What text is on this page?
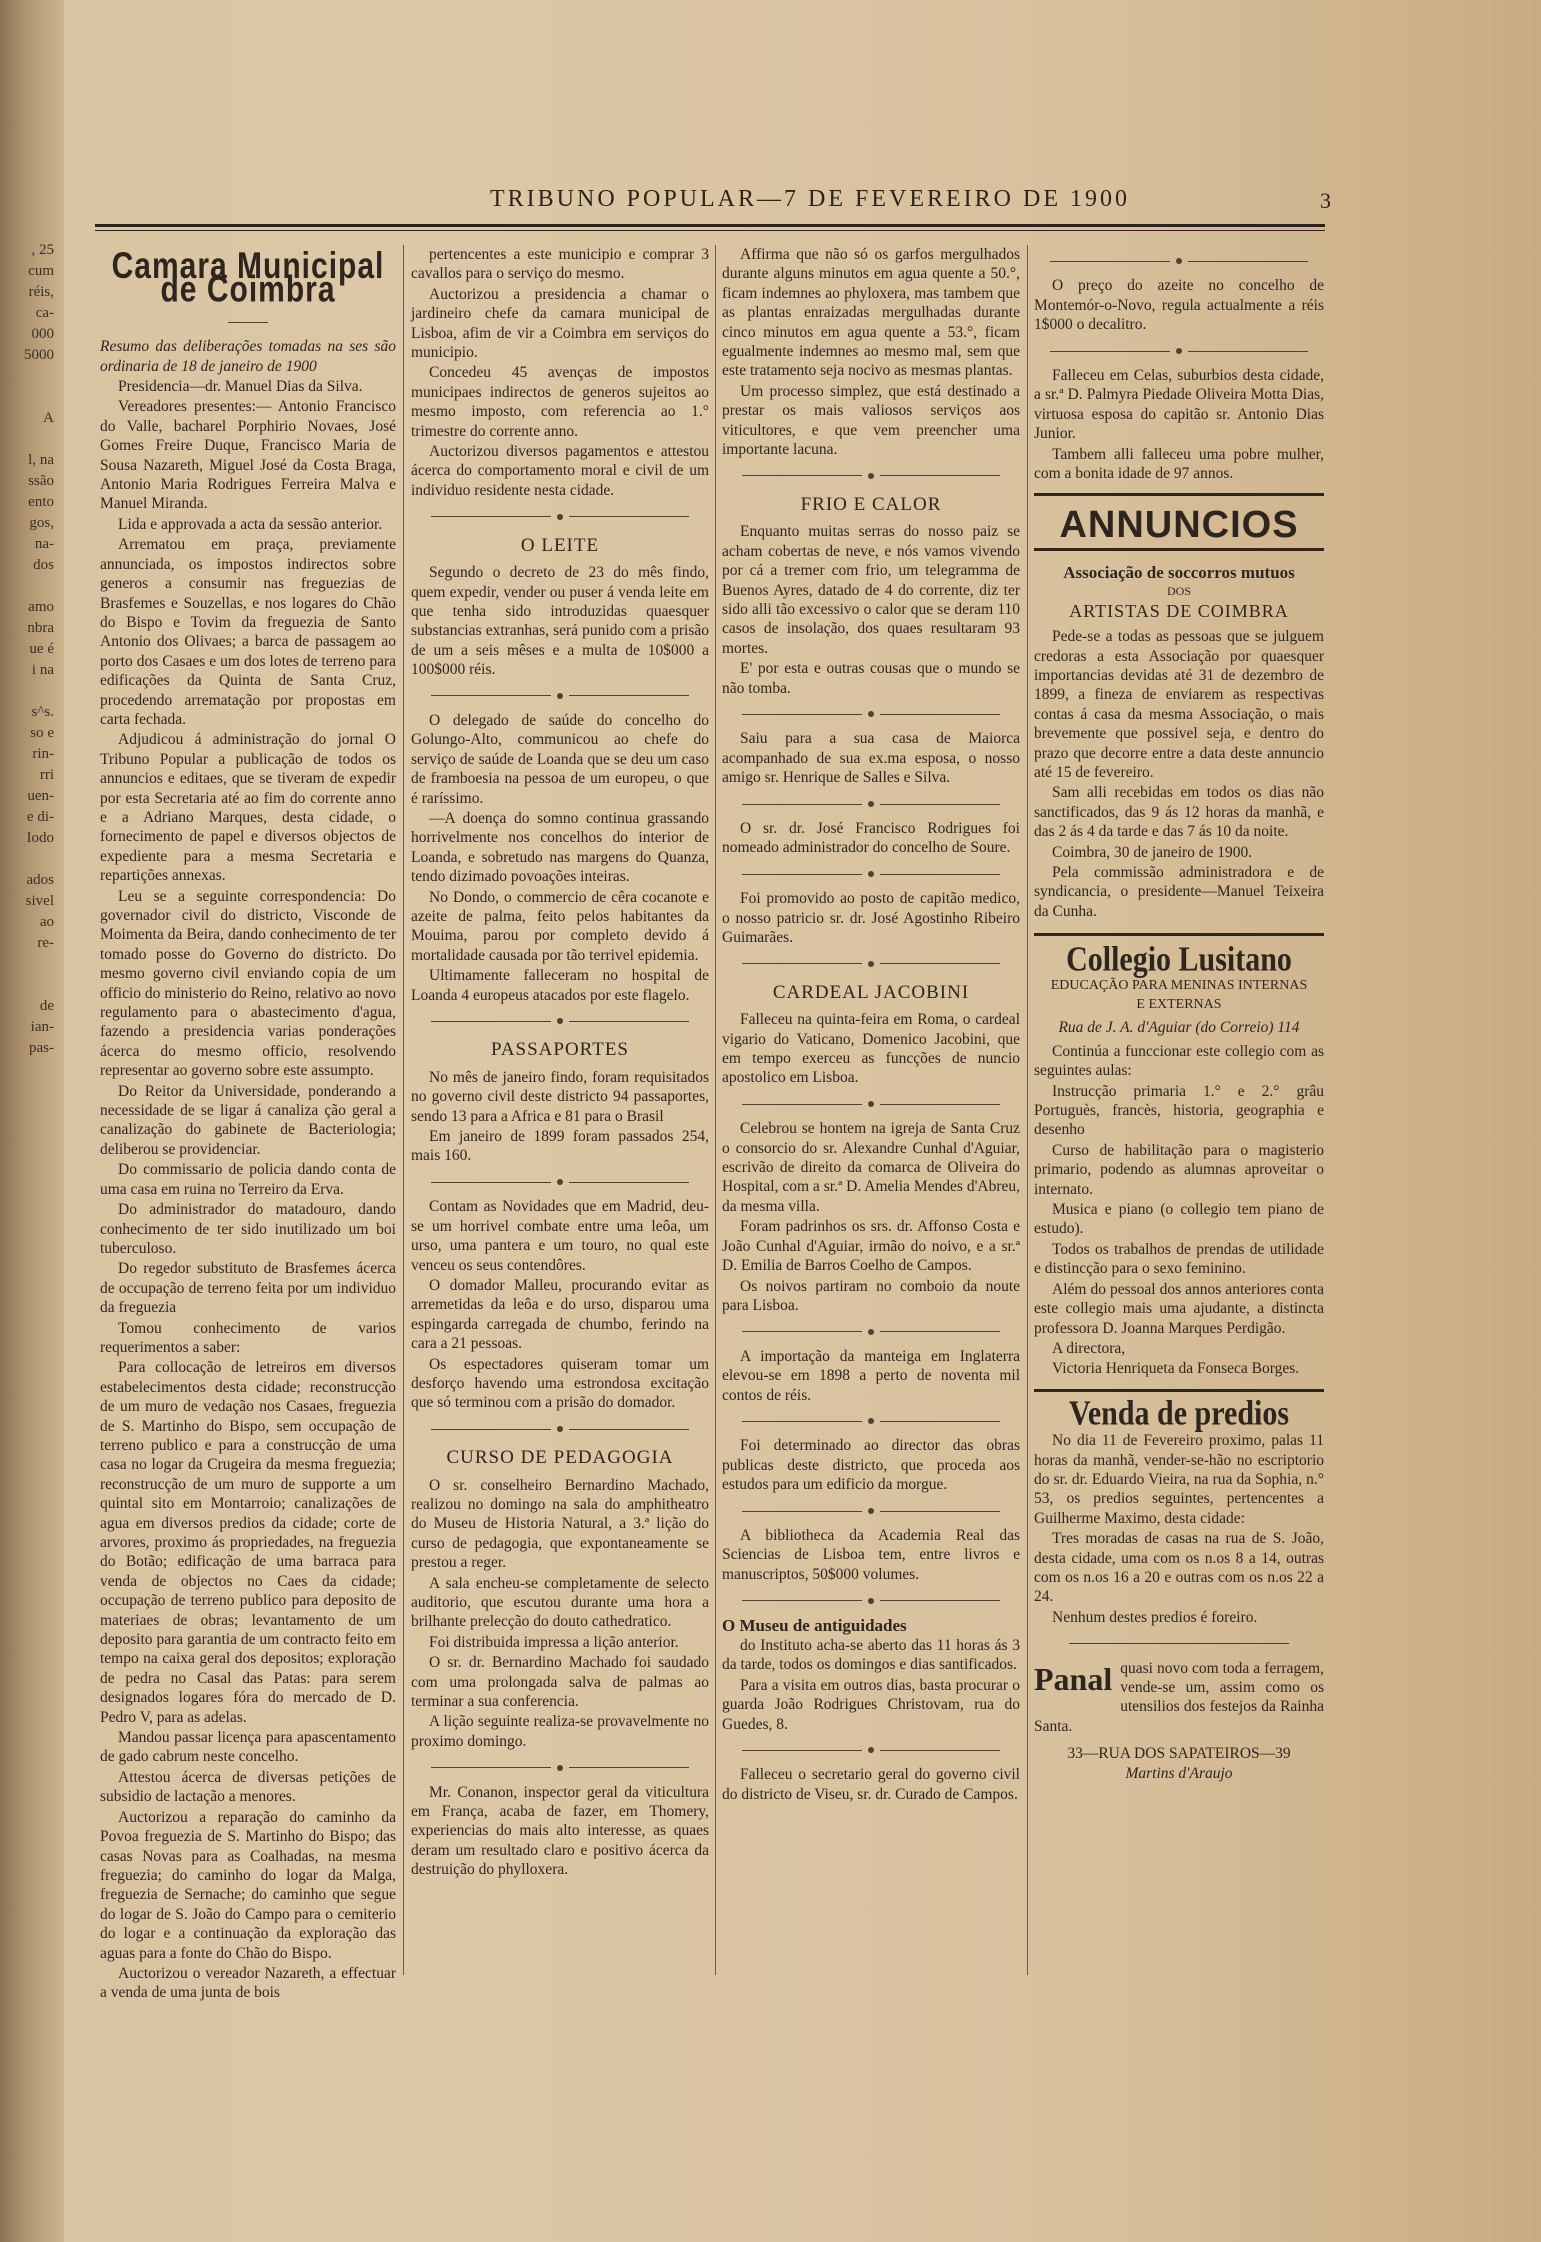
, 25
cum
réis,
ca-
000
5000
A
l, na
ssão
ento
gos,
na-
dos
amo
nbra
ue é
i na
s^s.
so e
rin-
rri
uen-
e di-
Iodo
ados
sivel
ao
re-
de
ian-
pas-
TRIBUNO POPULAR—7 DE FEVEREIRO DE 1900	3
Camara Municipal de Coimbra

Resumo das deliberações tomadas na ses são ordinaria de 18 de janeiro de 1900

Presidencia—dr. Manuel Dias da Silva.

Vereadores presentes:— Antonio Francisco do Valle, bacharel Porphirio Novaes, José Gomes Freire Duque, Francisco Maria de Sousa Nazareth, Miguel José da Costa Braga, Antonio Maria Rodrigues Ferreira Malva e Manuel Miranda.

Lida e approvada a acta da sessão anterior.

Arrematou em praça, previamente annunciada, os impostos indirectos sobre generos a consumir nas freguezias de Brasfemes e Souzellas, e nos logares do Chão do Bispo e Tovim da freguezia de Santo Antonio dos Olivaes; a barca de passagem ao porto dos Casaes e um dos lotes de terreno para edificações da Quinta de Santa Cruz, procedendo arrematação por propostas em carta fechada.

Adjudicou á administração do jornal O Tribuno Popular a publicação de todos os annuncios e editaes, que se tiveram de expedir por esta Secretaria até ao fim do corrente anno e a Adriano Marques, desta cidade, o fornecimento de papel e diversos objectos de expediente para a mesma Secretaria e repartições annexas.

Leu se a seguinte correspondencia: Do governador civil do districto, Visconde de Moimenta da Beira, dando conhecimento de ter tomado posse do Governo do districto. Do mesmo governo civil enviando copia de um officio do ministerio do Reino, relativo ao novo regulamento para o abastecimento d'agua, fazendo a presidencia varias ponderações ácerca do mesmo officio, resolvendo representar ao governo sobre este assumpto.

Do Reitor da Universidade, ponderando a necessidade de se ligar á canaliza ção geral a canalização do gabinete de Bacteriologia; deliberou se providenciar.

Do commissario de policia dando conta de uma casa em ruina no Terreiro da Erva.

Do administrador do matadouro, dando conhecimento de ter sido inutilizado um boi tuberculoso.

Do regedor substituto de Brasfemes ácerca de occupação de terreno feita por um individuo da freguezia

Tomou conhecimento de varios requerimentos a saber:

Para collocação de letreiros em diversos estabelecimentos desta cidade; reconstrucção de um muro de vedação nos Casaes, freguezia de S. Martinho do Bispo, sem occupação de terreno publico e para a construcção de uma casa no logar da Crugeira da mesma freguezia; reconstrucção de um muro de supporte a um quintal sito em Montarroio; canalizações de agua em diversos predios da cidade; corte de arvores, proximo ás propriedades, na freguezia do Botão; edificação de uma barraca para venda de objectos no Caes da cidade; occupação de terreno publico para deposito de materiaes de obras; levantamento de um deposito para garantia de um contracto feito em tempo na caixa geral dos depositos; exploração de pedra no Casal das Patas: para serem designados logares fóra do mercado de D. Pedro V, para as adelas.

Mandou passar licença para apascentamento de gado cabrum neste concelho.

Attestou ácerca de diversas petições de subsidio de lactação a menores.

Auctorizou a reparação do caminho da Povoa freguezia de S. Martinho do Bispo; das casas Novas para as Coalhadas, na mesma freguezia; do caminho do logar da Malga, freguezia de Sernache; do caminho que segue do logar de S. João do Campo para o cemiterio do logar e a continuação da exploração das aguas para a fonte do Chão do Bispo.

Auctorizou o vereador Nazareth, a effectuar a venda de uma junta de bois

pertencentes a este municipio e comprar 3 cavallos para o serviço do mesmo.

Auctorizou a presidencia a chamar o jardineiro chefe da camara municipal de Lisboa, afim de vir a Coimbra em serviços do municipio.

Concedeu 45 avenças de impostos municipaes indirectos de generos sujeitos ao mesmo imposto, com referencia ao 1.° trimestre do corrente anno.

Auctorizou diversos pagamentos e attestou ácerca do comportamento moral e civil de um individuo residente nesta cidade.

O LEITE

Segundo o decreto de 23 do mês findo, quem expedir, vender ou puser á venda leite em que tenha sido introduzidas quaesquer substancias extranhas, será punido com a prisão de um a seis mêses e a multa de 10$000 a 100$000 réis.

O delegado de saúde do concelho do Golungo-Alto, communicou ao chefe do serviço de saúde de Loanda que se deu um caso de framboesia na pessoa de um europeu, o que é raríssimo.

—A doença do somno continua grassando horrivelmente nos concelhos do interior de Loanda, e sobretudo nas margens do Quanza, tendo dizimado povoações inteiras.

No Dondo, o commercio de cêra cocanote e azeite de palma, feito pelos habitantes da Mouima, parou por completo devido á mortalidade causada por tão terrivel epidemia.

Ultimamente falleceram no hospital de Loanda 4 europeus atacados por este flagelo.

PASSAPORTES

No mês de janeiro findo, foram requisitados no governo civil deste districto 94 passaportes, sendo 13 para a Africa e 81 para o Brasil

Em janeiro de 1899 foram passados 254, mais 160.

Contam as Novidades que em Madrid, deu-se um horrivel combate entre uma leôa, um urso, uma pantera e um touro, no qual este venceu os seus contendôres.

O domador Malleu, procurando evitar as arremetidas da leôa e do urso, disparou uma espingarda carregada de chumbo, ferindo na cara a 21 pessoas.

Os espectadores quiseram tomar um desforço havendo uma estrondosa excitação que só terminou com a prisão do domador.

CURSO DE PEDAGOGIA

O sr. conselheiro Bernardino Machado, realizou no domingo na sala do amphitheatro do Museu de Historia Natural, a 3.ª lição do curso de pedagogia, que expontaneamente se prestou a reger.

A sala encheu-se completamente de selecto auditorio, que escutou durante uma hora a brilhante prelecção do douto cathedratico.

Foi distribuida impressa a lição anterior.

O sr. dr. Bernardino Machado foi saudado com uma prolongada salva de palmas ao terminar a sua conferencia.

A lição seguinte realiza-se provavelmente no proximo domingo.

Mr. Conanon, inspector geral da viticultura em França, acaba de fazer, em Thomery, experiencias do mais alto interesse, as quaes deram um resultado claro e positivo ácerca da destruição do phylloxera.

Affirma que não só os garfos mergulhados durante alguns minutos em agua quente a 50.°, ficam indemnes ao phyloxera, mas tambem que as plantas enraizadas mergulhadas durante cinco minutos em agua quente a 53.°, ficam egualmente indemnes ao mesmo mal, sem que este tratamento seja nocivo as mesmas plantas.

Um processo simplez, que está destinado a prestar os mais valiosos serviços aos viticultores, e que vem preencher uma importante lacuna.

FRIO E CALOR

Enquanto muitas serras do nosso paiz se acham cobertas de neve, e nós vamos vivendo por cá a tremer com frio, um telegramma de Buenos Ayres, datado de 4 do corrente, diz ter sido alli tão excessivo o calor que se deram 110 casos de insolação, dos quaes resultaram 93 mortes.

E' por esta e outras cousas que o mundo se não tomba.

Saiu para a sua casa de Maiorca acompanhado de sua ex.ma esposa, o nosso amigo sr. Henrique de Salles e Silva.

O sr. dr. José Francisco Rodrigues foi nomeado administrador do concelho de Soure.

Foi promovido ao posto de capitão medico, o nosso patricio sr. dr. José Agostinho Ribeiro Guimarães.

CARDEAL JACOBINI

Falleceu na quinta-feira em Roma, o cardeal vigario do Vaticano, Domenico Jacobini, que em tempo exerceu as funcções de nuncio apostolico em Lisboa.

Celebrou se hontem na igreja de Santa Cruz o consorcio do sr. Alexandre Cunhal d'Aguiar, escrivão de direito da comarca de Oliveira do Hospital, com a sr.ª D. Amelia Mendes d'Abreu, da mesma villa.

Foram padrinhos os srs. dr. Affonso Costa e João Cunhal d'Aguiar, irmão do noivo, e a sr.ª D. Emilia de Barros Coelho de Campos.

Os noivos partiram no comboio da noute para Lisboa.

A importação da manteiga em Inglaterra elevou-se em 1898 a perto de noventa mil contos de réis.

Foi determinado ao director das obras publicas deste districto, que proceda aos estudos para um edificio da morgue.

A bibliotheca da Academia Real das Sciencias de Lisboa tem, entre livros e manuscriptos, 50$000 volumes.

O Museu de antiguidades

do Instituto acha-se aberto das 11 horas ás 3 da tarde, todos os domingos e dias santificados.

Para a visita em outros dias, basta procurar o guarda João Rodrigues Christovam, rua do Guedes, 8.

Falleceu o secretario geral do governo civil do districto de Viseu, sr. dr. Curado de Campos.

O preço do azeite no concelho de Montemór-o-Novo, regula actualmente a réis 1$000 o decalitro.

Falleceu em Celas, suburbios desta cidade, a sr.ª D. Palmyra Piedade Oliveira Motta Dias, virtuosa esposa do capitão sr. Antonio Dias Junior.

Tambem alli falleceu uma pobre mulher, com a bonita idade de 97 annos.

ANNUNCIOS
Associação de soccorros mutuos
DOS
ARTISTAS DE COIMBRA

Pede-se a todas as pessoas que se julguem credoras a esta Associação por quaesquer importancias devidas até 31 de dezembro de 1899, a fineza de enviarem as respectivas contas á casa da mesma Associação, o mais brevemente que possivel seja, e dentro do prazo que decorre entre a data deste annuncio até 15 de fevereiro.

Sam alli recebidas em todos os dias não sanctificados, das 9 ás 12 horas da manhã, e das 2 ás 4 da tarde e das 7 ás 10 da noite.

Coimbra, 30 de janeiro de 1900.

Pela commissão administradora e de syndicancia, o presidente—Manuel Teixeira da Cunha.

Collegio Lusitano
EDUCAÇÃO PARA MENINAS INTERNAS
E EXTERNAS
Rua de J. A. d'Aguiar (do Correio) 114

Continúa a funccionar este collegio com as seguintes aulas:

Instrucção primaria 1.° e 2.° grâu Portuguès, francès, historia, geographia e desenho

Curso de habilitação para o magisterio primario, podendo as alumnas aproveitar o internato.

Musica e piano (o collegio tem piano de estudo).

Todos os trabalhos de prendas de utilidade e distincção para o sexo feminino.

Além do pessoal dos annos anteriores conta este collegio mais uma ajudante, a distincta professora D. Joanna Marques Perdigão.

A directora,

Victoria Henriqueta da Fonseca Borges.

Venda de predios

No dia 11 de Fevereiro proximo, palas 11 horas da manhã, vender-se-hão no escriptorio do sr. dr. Eduardo Vieira, na rua da Sophia, n.° 53, os predios seguintes, pertencentes a Guilherme Maximo, desta cidade:

Tres moradas de casas na rua de S. João, desta cidade, uma com os n.os 8 a 14, outras com os n.os 16 a 20 e outras com os n.os 22 a 24.

Nenhum destes predios é foreiro.

Panal quasi novo com toda a ferragem, vende-se um, assim como os utensilios dos festejos da Rainha Santa.

33—RUA DOS SAPATEIROS—39
Martins d'Araujo
